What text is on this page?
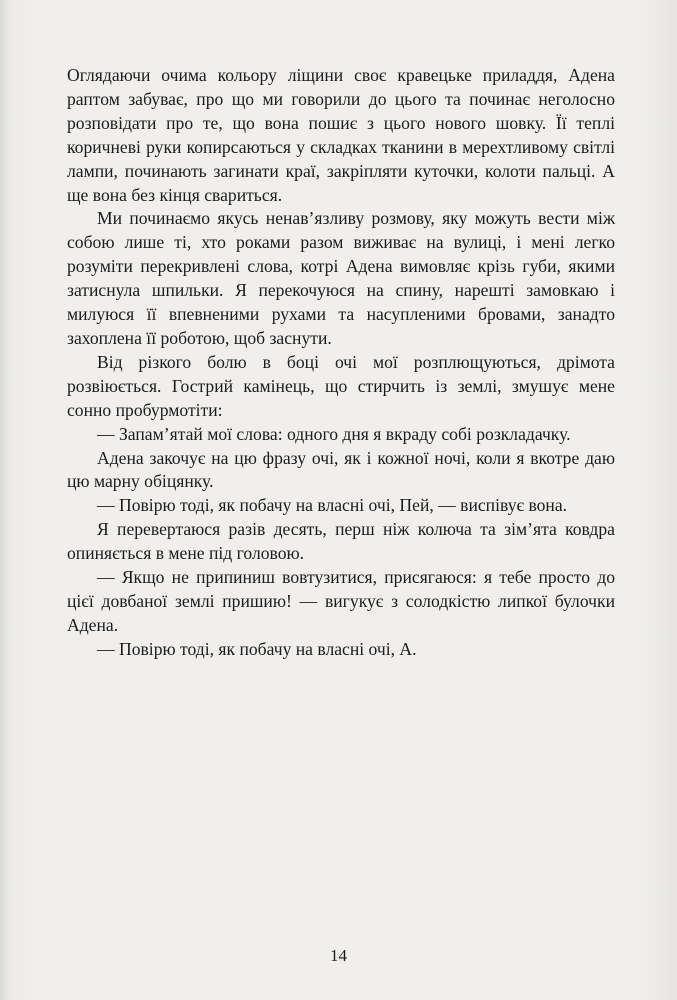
Оглядаючи очима кольору ліщини своє кравецьке приладдя, Адена раптом забуває, про що ми говорили до цього та починає неголосно розповідати про те, що вона пошиє з цього нового шовку. Її теплі коричневі руки копирсаються у складках тканини в мерехтливому світлі лампи, починають загинати краї, закріпляти куточки, колоти пальці. А ще вона без кінця свариться.

Ми починаємо якусь ненав’язливу розмову, яку можуть вести між собою лише ті, хто роками разом виживає на вулиці, і мені легко розуміти перекривлені слова, котрі Адена вимовляє крізь губи, якими затиснула шпильки. Я перекочуюся на спину, нарешті замовкаю і милуюся її впевненими рухами та насупленими бровами, занадто захоплена її роботою, щоб заснути.

Від різкого болю в боці очі мої розплющуються, дрімота розвіюється. Гострий камінець, що стирчить із землі, змушує мене сонно пробурмотіти:

— Запам’ятай мої слова: одного дня я вкраду собі розкладачку.

Адена закочує на цю фразу очі, як і кожної ночі, коли я вкотре даю цю марну обіцянку.

— Повірю тоді, як побачу на власні очі, Пей, — виспівує вона.

Я перевертаюся разів десять, перш ніж колюча та зім’ята ковдра опиняється в мене під головою.

— Якщо не припиниш вовтузитися, присягаюся: я тебе просто до цієї довбаної землі пришию! — вигукує з солодкістю липкої булочки Адена.

— Повірю тоді, як побачу на власні очі, А.

14
